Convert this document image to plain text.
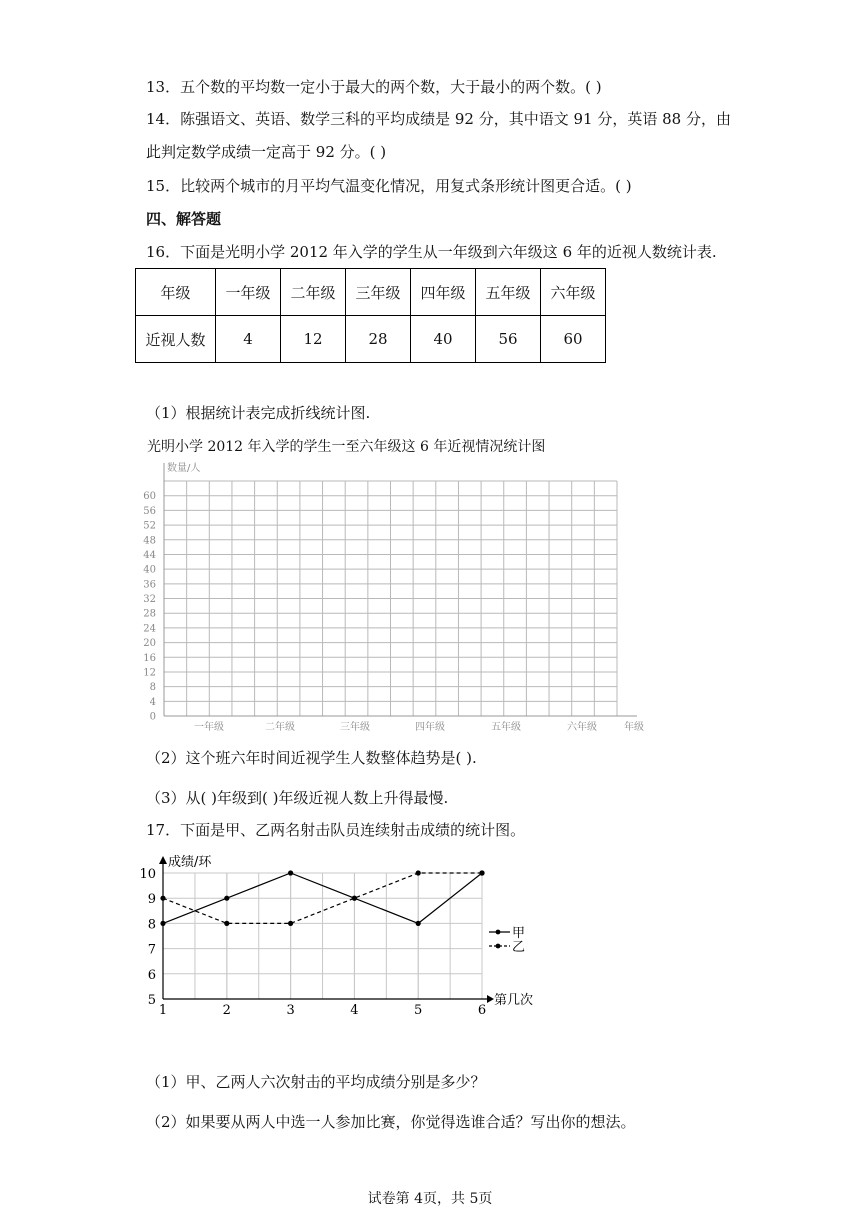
13．五个数的平均数一定小于最大的两个数，大于最小的两个数。( )
14．陈强语文、英语、数学三科的平均成绩是 92 分，其中语文 91 分，英语 88 分，由
此判定数学成绩一定高于 92 分。( )
15．比较两个城市的月平均气温变化情况，用复式条形统计图更合适。( )
四、解答题
16．下面是光明小学 2012 年入学的学生从一年级到六年级这 6 年的近视人数统计表.
年级	一年级	二年级	三年级	四年级	五年级	六年级
近视人数	4	12	28	40	56	60
（1）根据统计表完成折线统计图.
光明小学 2012 年入学的学生一至六年级这 6 年近视情况统计图
0
4
8
12
16
20
24
28
32
36
40
44
48
52
56
60
数量/人
一年级	二年级	三年级	四年级	五年级	六年级	年级
（2）这个班六年时间近视学生人数整体趋势是( ).
（3）从( )年级到( )年级近视人数上升得最慢.
17．下面是甲、乙两名射击队员连续射击成绩的统计图。
成绩/环
第几次
5
6
7
8
9
10
1	2	3	4	5	6
甲
乙
（1）甲、乙两人六次射击的平均成绩分别是多少？
（2）如果要从两人中选一人参加比赛，你觉得选谁合适？写出你的想法。
试卷第 4页，共 5页
